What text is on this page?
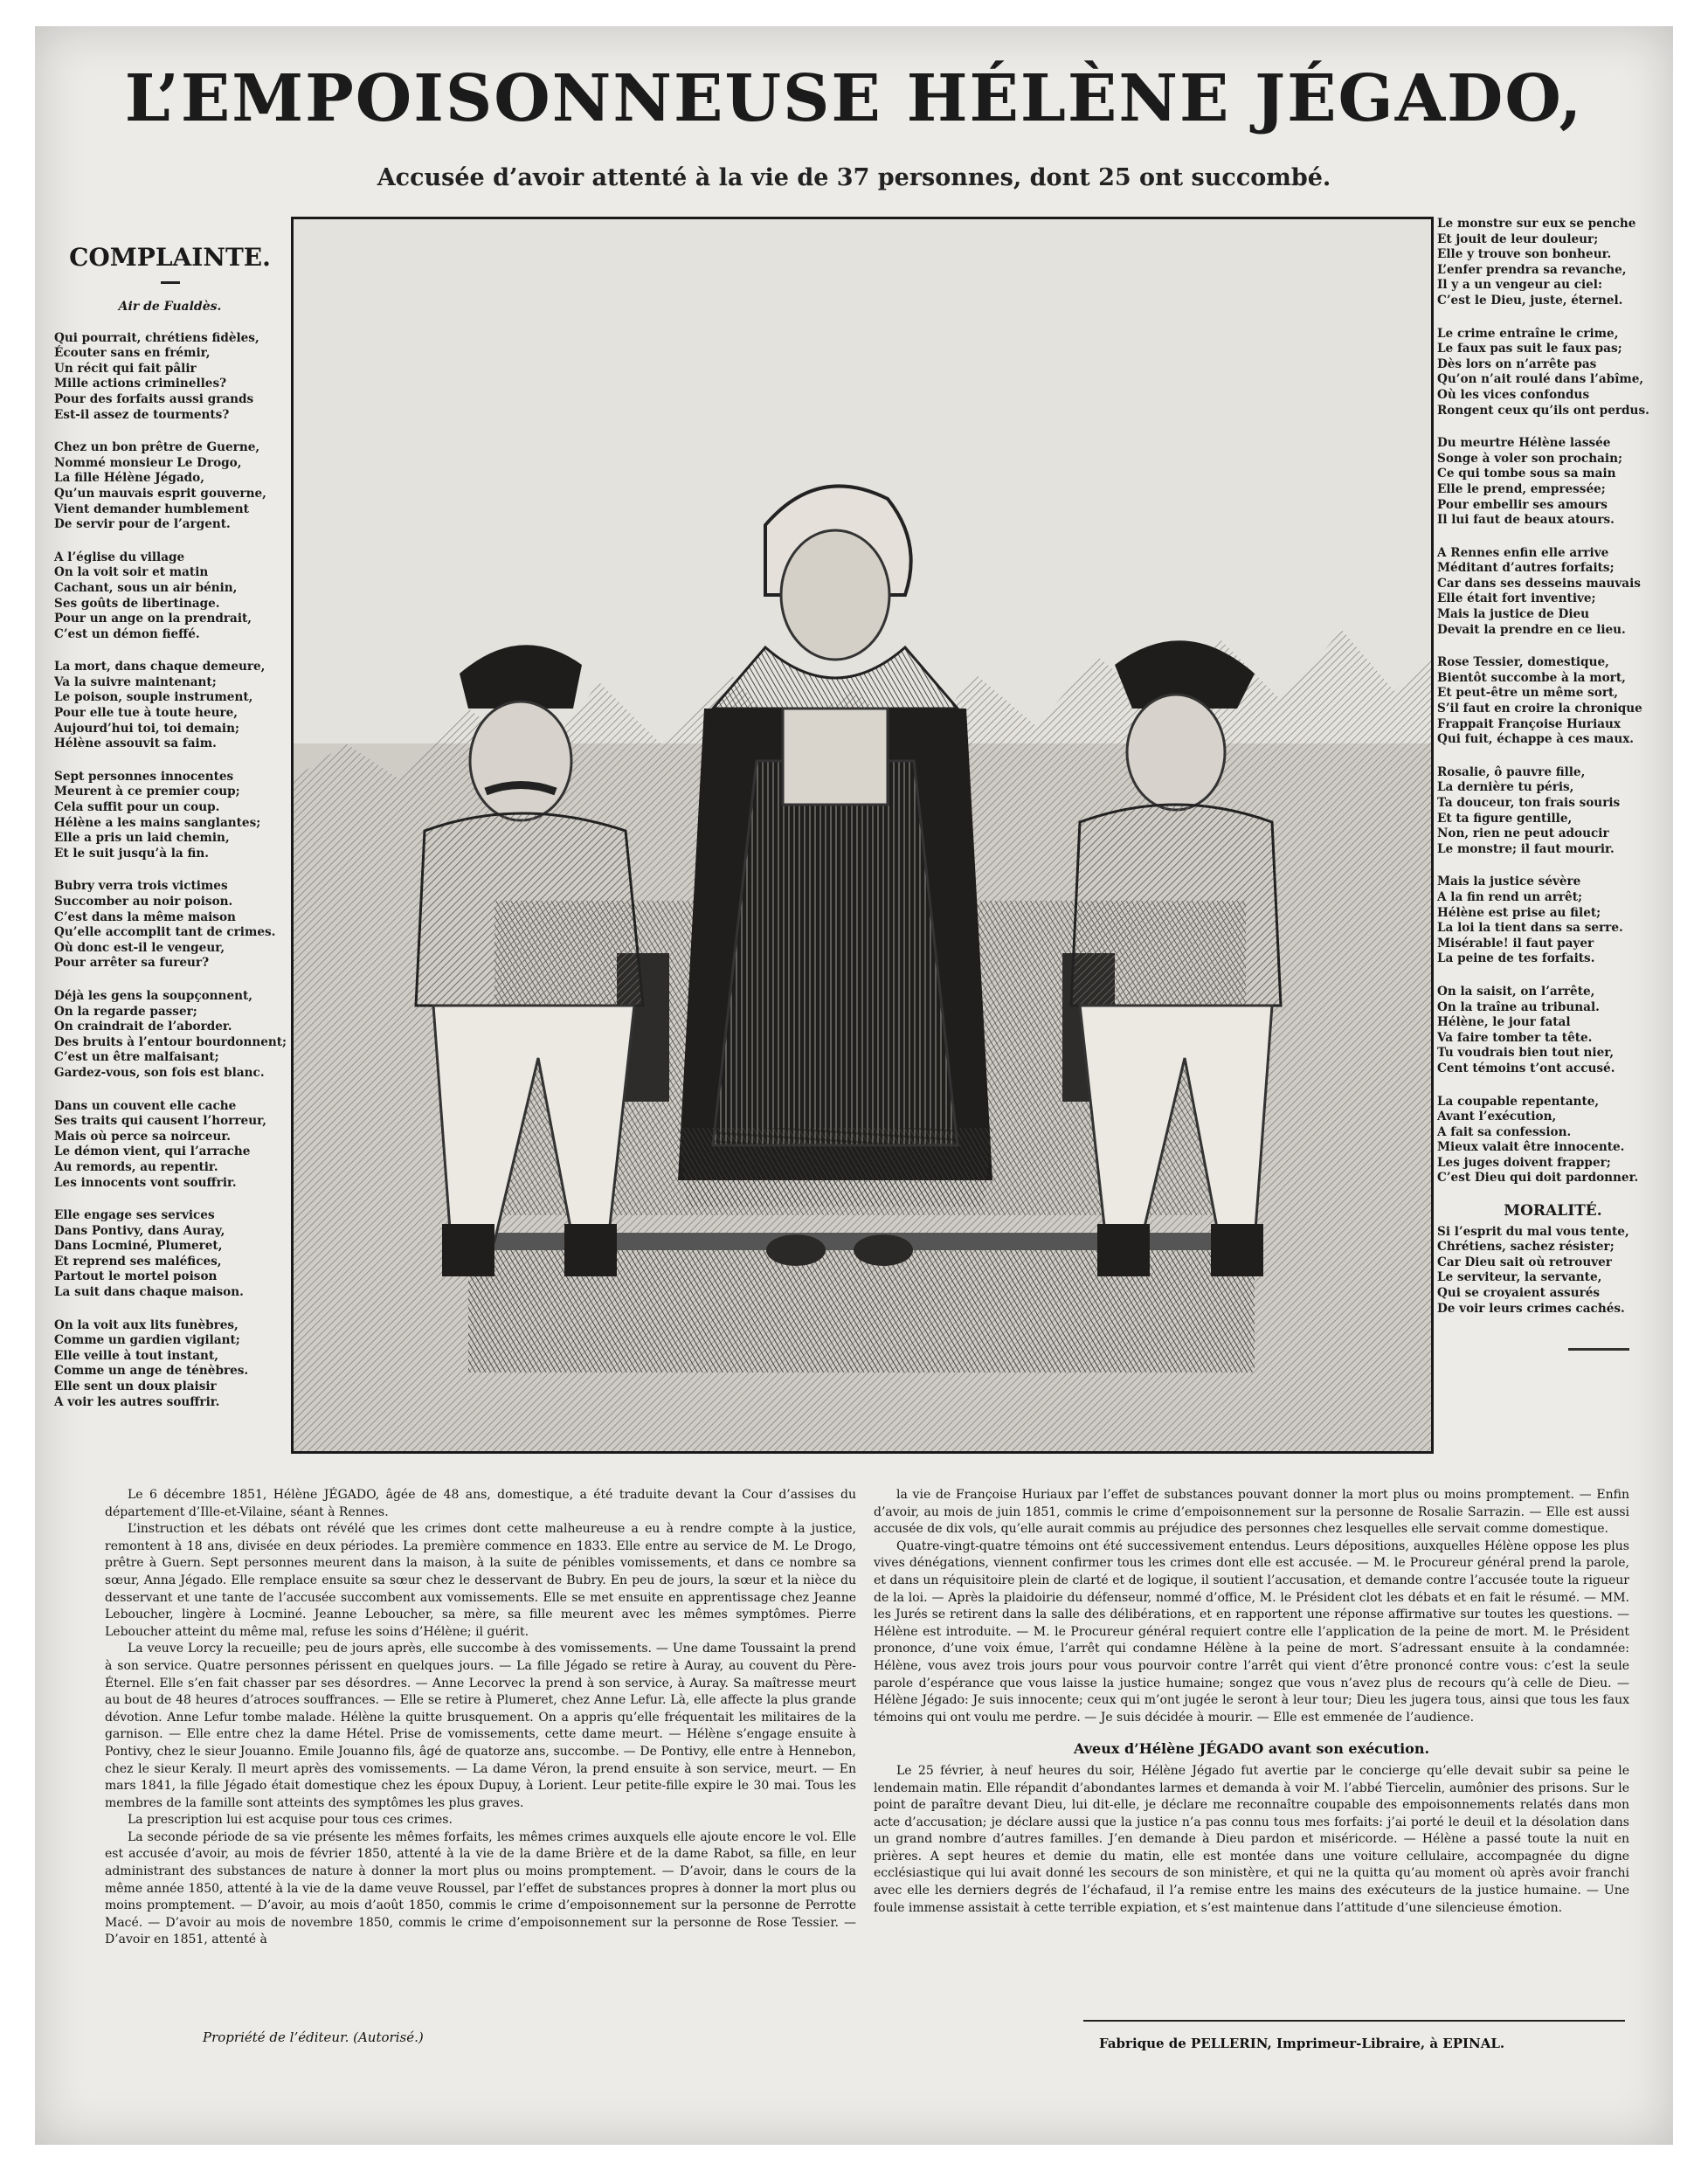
L’EMPOISONNEUSE HÉLÈNE JÉGADO,
Accusée d’avoir attenté à la vie de 37 personnes, dont 25 ont succombé.
COMPLAINTE.
Air de Fualdès.
Qui pourrait, chrétiens fidèles,
Écouter sans en frémir,
Un récit qui fait pâlir
Mille actions criminelles?
Pour des forfaits aussi grands
Est-il assez de tourments?
Chez un bon prêtre de Guerne,
Nommé monsieur Le Drogo,
La fille Hélène Jégado,
Qu’un mauvais esprit gouverne,
Vient demander humblement
De servir pour de l’argent.
A l’église du village
On la voit soir et matin
Cachant, sous un air bénin,
Ses goûts de libertinage.
Pour un ange on la prendrait,
C’est un démon fieffé.
La mort, dans chaque demeure,
Va la suivre maintenant;
Le poison, souple instrument,
Pour elle tue à toute heure,
Aujourd’hui toi, toi demain;
Hélène assouvit sa faim.
Sept personnes innocentes
Meurent à ce premier coup;
Cela suffit pour un coup.
Hélène a les mains sanglantes;
Elle a pris un laid chemin,
Et le suit jusqu’à la fin.
Bubry verra trois victimes
Succomber au noir poison.
C’est dans la même maison
Qu’elle accomplit tant de crimes.
Où donc est-il le vengeur,
Pour arrêter sa fureur?
Déjà les gens la soupçonnent,
On la regarde passer;
On craindrait de l’aborder.
Des bruits à l’entour bourdonnent;
C’est un être malfaisant;
Gardez-vous, son fois est blanc.
Dans un couvent elle cache
Ses traits qui causent l’horreur,
Mais où perce sa noirceur.
Le démon vient, qui l’arrache
Au remords, au repentir.
Les innocents vont souffrir.
Elle engage ses services
Dans Pontivy, dans Auray,
Dans Locminé, Plumeret,
Et reprend ses maléfices,
Partout le mortel poison
La suit dans chaque maison.
On la voit aux lits funèbres,
Comme un gardien vigilant;
Elle veille à tout instant,
Comme un ange de ténèbres.
Elle sent un doux plaisir
A voir les autres souffrir.
Le monstre sur eux se penche
Et jouit de leur douleur;
Elle y trouve son bonheur.
L’enfer prendra sa revanche,
Il y a un vengeur au ciel:
C’est le Dieu, juste, éternel.
Le crime entraîne le crime,
Le faux pas suit le faux pas;
Dès lors on n’arrête pas
Qu’on n’ait roulé dans l’abîme,
Où les vices confondus
Rongent ceux qu’ils ont perdus.
Du meurtre Hélène lassée
Songe à voler son prochain;
Ce qui tombe sous sa main
Elle le prend, empressée;
Pour embellir ses amours
Il lui faut de beaux atours.
A Rennes enfin elle arrive
Méditant d’autres forfaits;
Car dans ses desseins mauvais
Elle était fort inventive;
Mais la justice de Dieu
Devait la prendre en ce lieu.
Rose Tessier, domestique,
Bientôt succombe à la mort,
Et peut-être un même sort,
S’il faut en croire la chronique
Frappait Françoise Huriaux
Qui fuit, échappe à ces maux.
Rosalie, ô pauvre fille,
La dernière tu péris,
Ta douceur, ton frais souris
Et ta figure gentille,
Non, rien ne peut adoucir
Le monstre; il faut mourir.
Mais la justice sévère
A la fin rend un arrêt;
Hélène est prise au filet;
La loi la tient dans sa serre.
Misérable! il faut payer
La peine de tes forfaits.
On la saisit, on l’arrête,
On la traîne au tribunal.
Hélène, le jour fatal
Va faire tomber ta tête.
Tu voudrais bien tout nier,
Cent témoins t’ont accusé.
La coupable repentante,
Avant l’exécution,
A fait sa confession.
Mieux valait être innocente.
Les juges doivent frapper;
C’est Dieu qui doit pardonner.
MORALITÉ.
Si l’esprit du mal vous tente,
Chrétiens, sachez résister;
Car Dieu sait où retrouver
Le serviteur, la servante,
Qui se croyaient assurés
De voir leurs crimes cachés.

Le 6 décembre 1851, Hélène JÉGADO, âgée de 48 ans, domestique, a été traduite devant la Cour d’assises du département d’Ille-et-Vilaine, séant à Rennes.

L’instruction et les débats ont révélé que les crimes dont cette malheureuse a eu à rendre compte à la justice, remontent à 18 ans, divisée en deux périodes. La première commence en 1833. Elle entre au service de M. Le Drogo, prêtre à Guern. Sept personnes meurent dans la maison, à la suite de pénibles vomissements, et dans ce nombre sa sœur, Anna Jégado. Elle remplace ensuite sa sœur chez le desservant de Bubry. En peu de jours, la sœur et la nièce du desservant et une tante de l’accusée succombent aux vomissements. Elle se met ensuite en apprentissage chez Jeanne Leboucher, lingère à Locminé. Jeanne Leboucher, sa mère, sa fille meurent avec les mêmes symptômes. Pierre Leboucher atteint du même mal, refuse les soins d’Hélène; il guérit.

La veuve Lorcy la recueille; peu de jours après, elle succombe à des vomissements. — Une dame Toussaint la prend à son service. Quatre personnes périssent en quelques jours. — La fille Jégado se retire à Auray, au couvent du Père-Éternel. Elle s’en fait chasser par ses désordres. — Anne Lecorvec la prend à son service, à Auray. Sa maîtresse meurt au bout de 48 heures d’atroces souffrances. — Elle se retire à Plumeret, chez Anne Lefur. Là, elle affecte la plus grande dévotion. Anne Lefur tombe malade. Hélène la quitte brusquement. On a appris qu’elle fréquentait les militaires de la garnison. — Elle entre chez la dame Hétel. Prise de vomissements, cette dame meurt. — Hélène s’engage ensuite à Pontivy, chez le sieur Jouanno. Emile Jouanno fils, âgé de quatorze ans, succombe. — De Pontivy, elle entre à Hennebon, chez le sieur Keraly. Il meurt après des vomissements. — La dame Véron, la prend ensuite à son service, meurt. — En mars 1841, la fille Jégado était domestique chez les époux Dupuy, à Lorient. Leur petite-fille expire le 30 mai. Tous les membres de la famille sont atteints des symptômes les plus graves.

La prescription lui est acquise pour tous ces crimes.

La seconde période de sa vie présente les mêmes forfaits, les mêmes crimes auxquels elle ajoute encore le vol. Elle est accusée d’avoir, au mois de février 1850, attenté à la vie de la dame Brière et de la dame Rabot, sa fille, en leur administrant des substances de nature à donner la mort plus ou moins promptement. — D’avoir, dans le cours de la même année 1850, attenté à la vie de la dame veuve Roussel, par l’effet de substances propres à donner la mort plus ou moins promptement. — D’avoir, au mois d’août 1850, commis le crime d’empoisonnement sur la personne de Perrotte Macé. — D’avoir au mois de novembre 1850, commis le crime d’empoisonnement sur la personne de Rose Tessier. — D’avoir en 1851, attenté à

la vie de Françoise Huriaux par l’effet de substances pouvant donner la mort plus ou moins promptement. — Enfin d’avoir, au mois de juin 1851, commis le crime d’empoisonnement sur la personne de Rosalie Sarrazin. — Elle est aussi accusée de dix vols, qu’elle aurait commis au préjudice des personnes chez lesquelles elle servait comme domestique.

Quatre-vingt-quatre témoins ont été successivement entendus. Leurs dépositions, auxquelles Hélène oppose les plus vives dénégations, viennent confirmer tous les crimes dont elle est accusée. — M. le Procureur général prend la parole, et dans un réquisitoire plein de clarté et de logique, il soutient l’accusation, et demande contre l’accusée toute la rigueur de la loi. — Après la plaidoirie du défenseur, nommé d’office, M. le Président clot les débats et en fait le résumé. — MM. les Jurés se retirent dans la salle des délibérations, et en rapportent une réponse affirmative sur toutes les questions. — Hélène est introduite. — M. le Procureur général requiert contre elle l’application de la peine de mort. M. le Président prononce, d’une voix émue, l’arrêt qui condamne Hélène à la peine de mort. S’adressant ensuite à la condamnée: Hélène, vous avez trois jours pour vous pourvoir contre l’arrêt qui vient d’être prononcé contre vous: c’est la seule parole d’espérance que vous laisse la justice humaine; songez que vous n’avez plus de recours qu’à celle de Dieu. — Hélène Jégado: Je suis innocente; ceux qui m’ont jugée le seront à leur tour; Dieu les jugera tous, ainsi que tous les faux témoins qui ont voulu me perdre. — Je suis décidée à mourir. — Elle est emmenée de l’audience.

Aveux d’Hélène JÉGADO avant son exécution.

Le 25 février, à neuf heures du soir, Hélène Jégado fut avertie par le concierge qu’elle devait subir sa peine le lendemain matin. Elle répandit d’abondantes larmes et demanda à voir M. l’abbé Tiercelin, aumônier des prisons. Sur le point de paraître devant Dieu, lui dit-elle, je déclare me reconnaître coupable des empoisonnements relatés dans mon acte d’accusation; je déclare aussi que la justice n’a pas connu tous mes forfaits: j’ai porté le deuil et la désolation dans un grand nombre d’autres familles. J’en demande à Dieu pardon et miséricorde. — Hélène a passé toute la nuit en prières. A sept heures et demie du matin, elle est montée dans une voiture cellulaire, accompagnée du digne ecclésiastique qui lui avait donné les secours de son ministère, et qui ne la quitta qu’au moment où après avoir franchi avec elle les derniers degrés de l’échafaud, il l’a remise entre les mains des exécuteurs de la justice humaine. — Une foule immense assistait à cette terrible expiation, et s’est maintenue dans l’attitude d’une silencieuse émotion.

Propriété de l’éditeur. (Autorisé.)	Fabrique de PELLERIN, Imprimeur-Libraire, à EPINAL.
